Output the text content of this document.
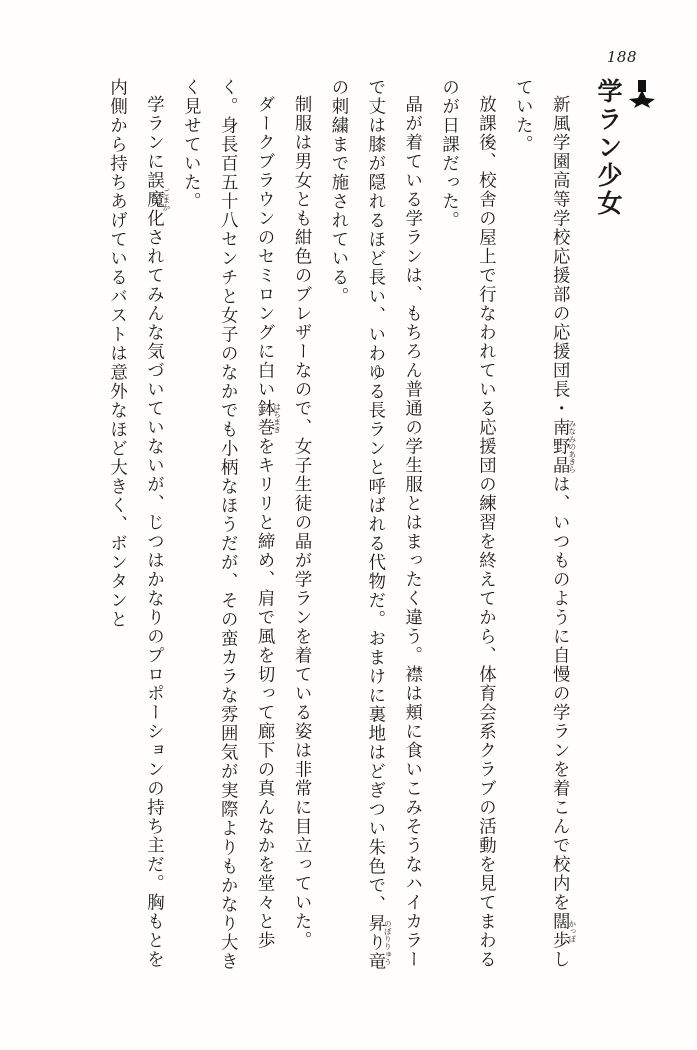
188
学ラン少女

新風学園高等学校応援部の応援団長・南野晶みなみのあきらは、いつものように自慢の学ランを着こんで校内を闊歩かっぽしていた。

放課後、校舎の屋上で行なわれている応援団の練習を終えてから、体育会系クラブの活動を見てまわるのが日課だった。

晶が着ている学ランは、もちろん普通の学生服とはまったく違う。襟は頬に食いこみそうなハイカラーで丈は膝が隠れるほど長い、いわゆる長ランと呼ばれる代物だ。おまけに裏地はどぎつい朱色で、昇り竜のぼりりゅうの刺繍まで施されている。

制服は男女とも紺色のブレザーなので、女子生徒の晶が学ランを着ている姿は非常に目立っていた。

ダークブラウンのセミロングに白い鉢巻はちまきをキリリと締め、肩で風を切って廊下の真んなかを堂々と歩く。身長百五十八センチと女子のなかでも小柄なほうだが、その蛮カラな雰囲気が実際よりもかなり大きく見せていた。

学ランに誤魔化ごまかされてみんな気づいていないが、じつはかなりのプロポーションの持ち主だ。胸もとを内側から持ちあげているバストは意外なほど大きく、ボンタンと
